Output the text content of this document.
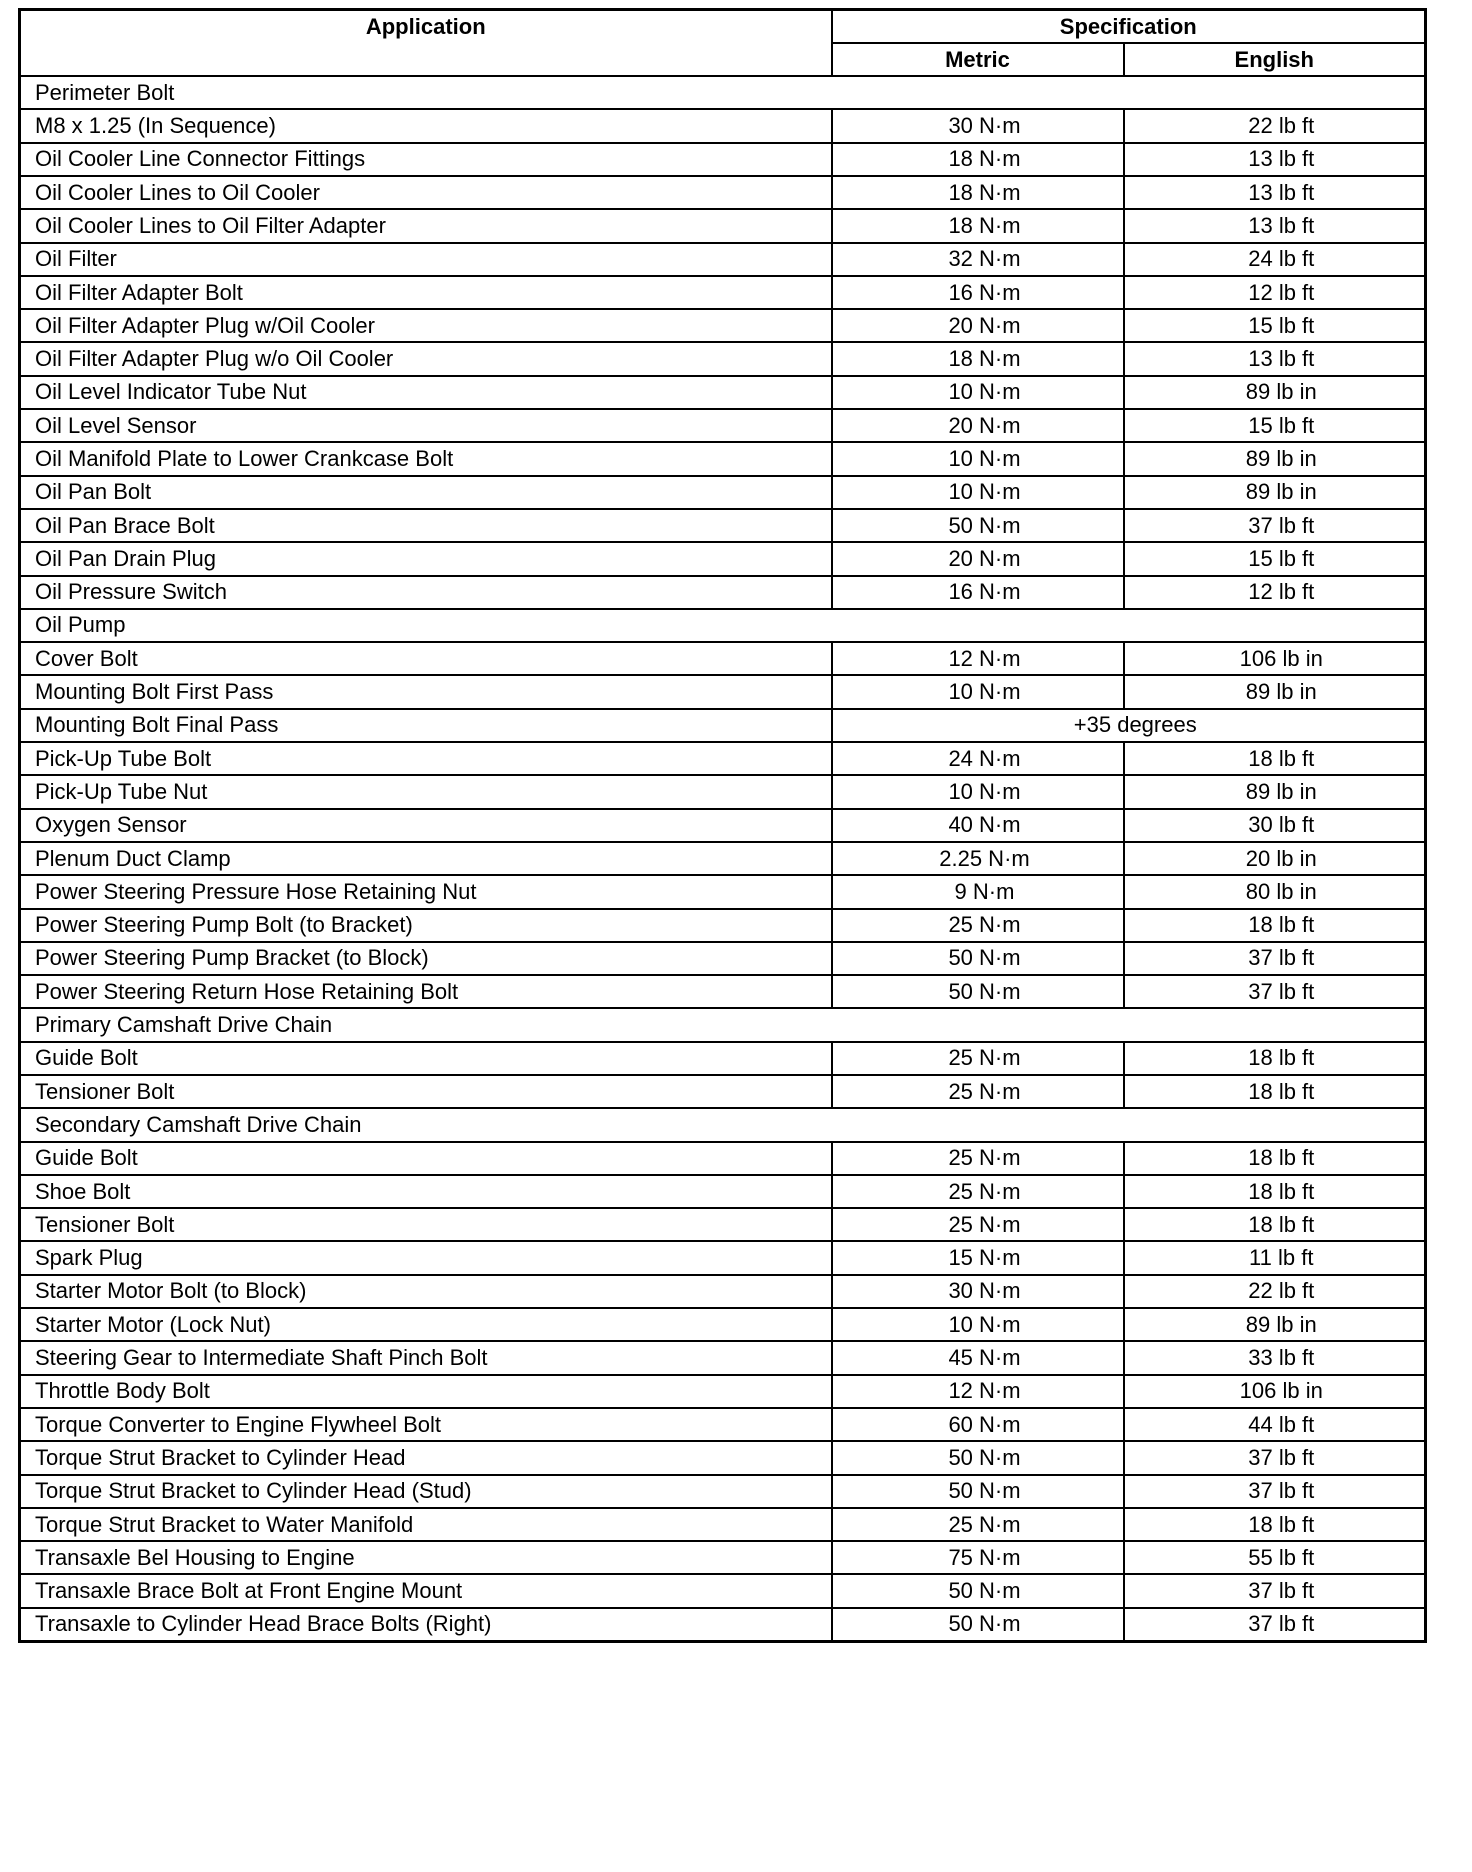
Application	Specification	
	Metric	English
Perimeter Bolt		
M8 x 1.25 (In Sequence)	30 N·m	22 lb ft
Oil Cooler Line Connector Fittings	18 N·m	13 lb ft
Oil Cooler Lines to Oil Cooler	18 N·m	13 lb ft
Oil Cooler Lines to Oil Filter Adapter	18 N·m	13 lb ft
Oil Filter	32 N·m	24 lb ft
Oil Filter Adapter Bolt	16 N·m	12 lb ft
Oil Filter Adapter Plug w/Oil Cooler	20 N·m	15 lb ft
Oil Filter Adapter Plug w/o Oil Cooler	18 N·m	13 lb ft
Oil Level Indicator Tube Nut	10 N·m	89 lb in
Oil Level Sensor	20 N·m	15 lb ft
Oil Manifold Plate to Lower Crankcase Bolt	10 N·m	89 lb in
Oil Pan Bolt	10 N·m	89 lb in
Oil Pan Brace Bolt	50 N·m	37 lb ft
Oil Pan Drain Plug	20 N·m	15 lb ft
Oil Pressure Switch	16 N·m	12 lb ft
Oil Pump		
Cover Bolt	12 N·m	106 lb in
Mounting Bolt First Pass	10 N·m	89 lb in
Mounting Bolt Final Pass	+35 degrees	
Pick-Up Tube Bolt	24 N·m	18 lb ft
Pick-Up Tube Nut	10 N·m	89 lb in
Oxygen Sensor	40 N·m	30 lb ft
Plenum Duct Clamp	2.25 N·m	20 lb in
Power Steering Pressure Hose Retaining Nut	9 N·m	80 lb in
Power Steering Pump Bolt (to Bracket)	25 N·m	18 lb ft
Power Steering Pump Bracket (to Block)	50 N·m	37 lb ft
Power Steering Return Hose Retaining Bolt	50 N·m	37 lb ft
Primary Camshaft Drive Chain		
Guide Bolt	25 N·m	18 lb ft
Tensioner Bolt	25 N·m	18 lb ft
Secondary Camshaft Drive Chain		
Guide Bolt	25 N·m	18 lb ft
Shoe Bolt	25 N·m	18 lb ft
Tensioner Bolt	25 N·m	18 lb ft
Spark Plug	15 N·m	11 lb ft
Starter Motor Bolt (to Block)	30 N·m	22 lb ft
Starter Motor (Lock Nut)	10 N·m	89 lb in
Steering Gear to Intermediate Shaft Pinch Bolt	45 N·m	33 lb ft
Throttle Body Bolt	12 N·m	106 lb in
Torque Converter to Engine Flywheel Bolt	60 N·m	44 lb ft
Torque Strut Bracket to Cylinder Head	50 N·m	37 lb ft
Torque Strut Bracket to Cylinder Head (Stud)	50 N·m	37 lb ft
Torque Strut Bracket to Water Manifold	25 N·m	18 lb ft
Transaxle Bel Housing to Engine	75 N·m	55 lb ft
Transaxle Brace Bolt at Front Engine Mount	50 N·m	37 lb ft
Transaxle to Cylinder Head Brace Bolts (Right)	50 N·m	37 lb ft
